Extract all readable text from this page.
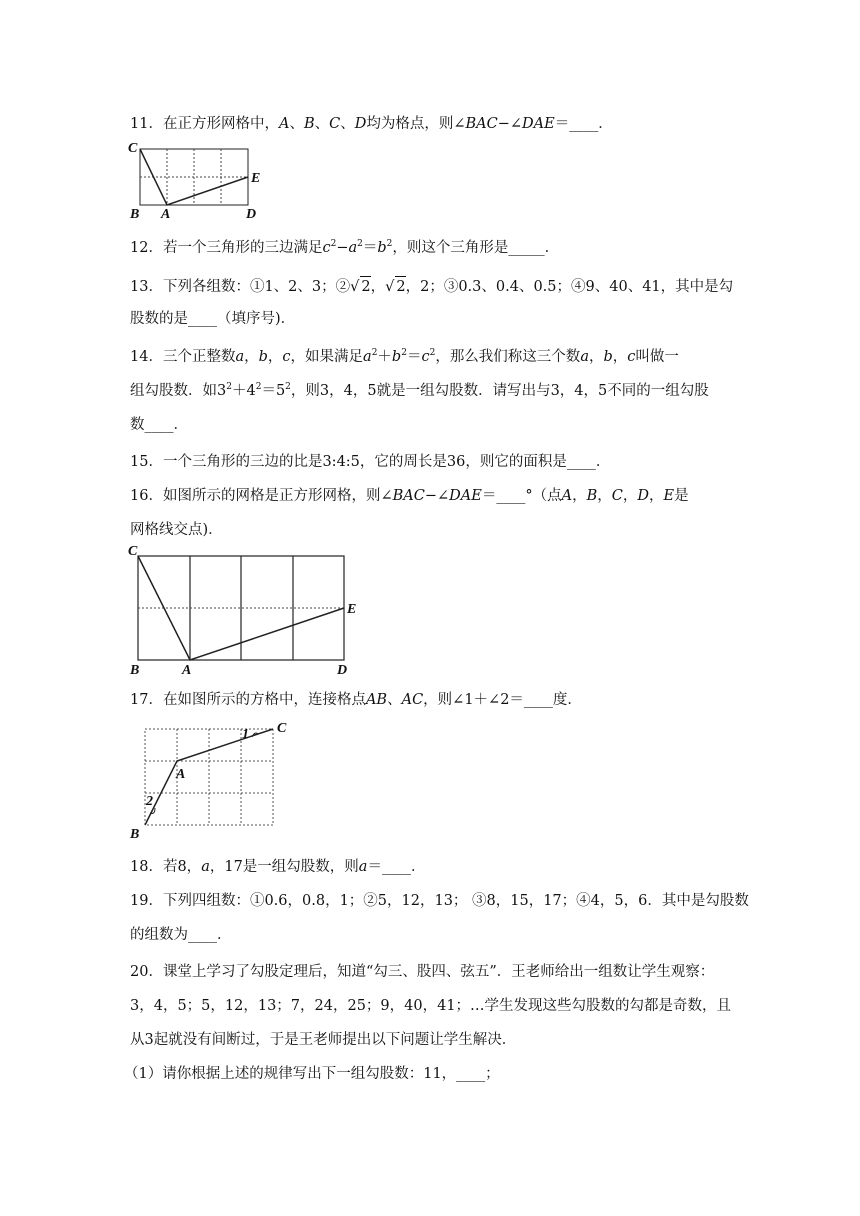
11．在正方形网格中，A、B、C、D均为格点，则∠BAC−∠DAE＝____．
C
E
B A	D
12．若一个三角形的三边满足$c^2-a^2=b^2$，则这个三角形是_____．
13．下列各组数：①1、2、3；②√ 2，√ 2，2；③0.3、0.4、0.5；④9、40、41，其中是勾
股数的是____（填序号)．
14．三个正整数a，b，c，如果满足$a^2+b^2=c^2$，那么我们称这三个数a，b，c叫做一
组勾股数．如$3^2+4^2=5^2$，则3，4，5就是一组勾股数．请写出与3，4，5不同的一组勾股
数____．
15．一个三角形的三边的比是3:4:5，它的周长是36，则它的面积是____．
16．如图所示的网格是正方形网格，则∠BAC−∠DAE＝____°（点A，B，C，D，E是
网格线交点)．
C
E
B	A	D
17．在如图所示的方格中，连接格点AB、AC，则∠1＋∠2＝____度．
C
A
B
1
2
18．若8，a，17是一组勾股数，则a＝____．
19．下列四组数：①0.6，0.8，1；②5，12，13； ③8，15，17；④4，5，6．其中是勾股数
的组数为____．
20．课堂上学习了勾股定理后，知道“勾三、股四、弦五”．王老师给出一组数让学生观察：
3，4，5；5，12，13；7，24，25；9，40，41；…学生发现这些勾股数的勾都是奇数，且
从3起就没有间断过，于是王老师提出以下问题让学生解决．
（1）请你根据上述的规律写出下一组勾股数：11，____；
